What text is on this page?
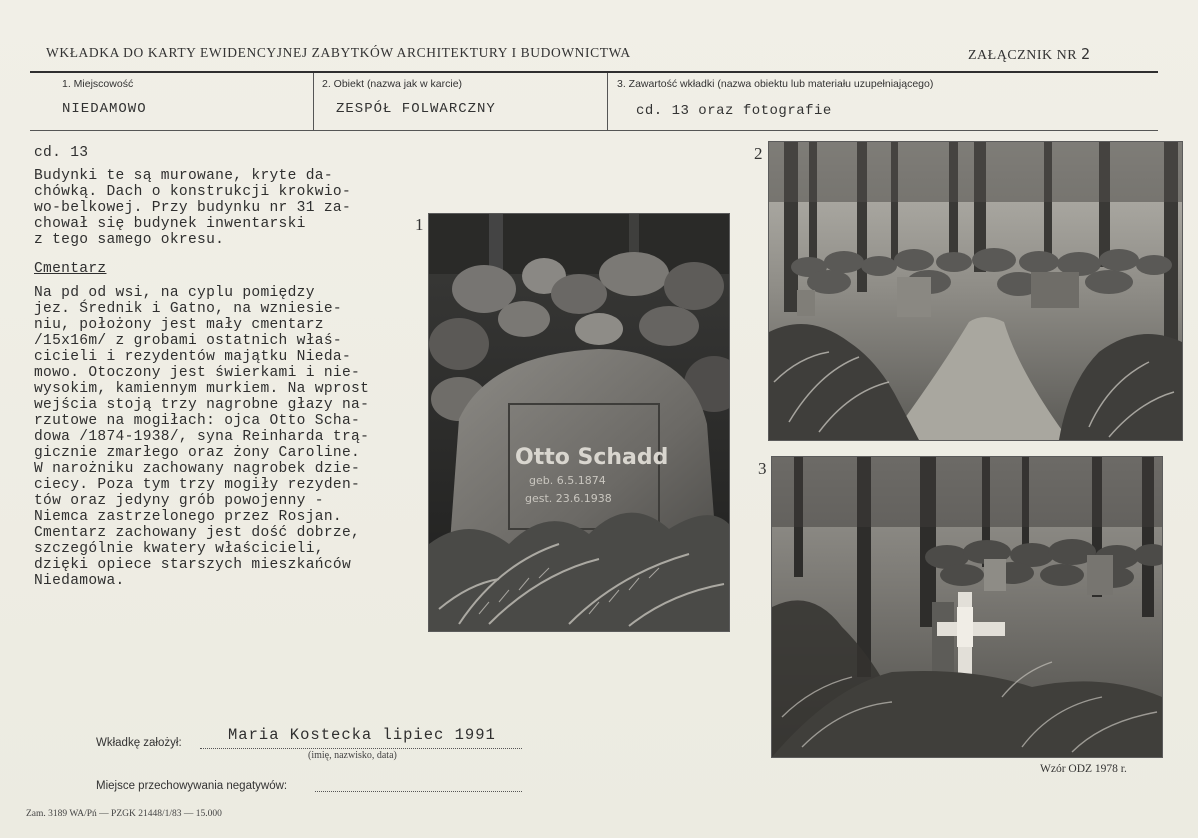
WKŁADKA DO KARTY EWIDENCYJNEJ ZABYTKÓW ARCHITEKTURY I BUDOWNICTWA	ZAŁĄCZNIK NR 2
1. Miejscowość
NIEDAMOWO
2. Obiekt (nazwa jak w karcie)
ZESPÓŁ FOLWARCZNY
3. Zawartość wkładki (nazwa obiektu lub materiału uzupełniającego)
cd. 13 oraz fotografie
cd. 13
Budynki te są murowane, kryte da-
chówką. Dach o konstrukcji krokwio-
wo-belkowej. Przy budynku nr 31 za-
chował się budynek inwentarski
z tego samego okresu.
Cmentarz
Na pd od wsi, na cyplu pomiędzy
jez. Średnik i Gatno, na wzniesie-
niu, położony jest mały cmentarz
/15x16m/ z grobami ostatnich właś-
cicieli i rezydentów majątku Nieda-
mowo. Otoczony jest świerkami i nie-
wysokim, kamiennym murkiem. Na wprost
wejścia stoją trzy nagrobne głazy na-
rzutowe na mogiłach: ojca Otto Scha-
dowa /1874-1938/, syna Reinharda trą-
gicznie zmarłego oraz żony Caroline.
W narożniku zachowany nagrobek dzie-
ciecy. Poza tym trzy mogiły rezyden-
tów oraz jedyny grób powojenny -
Niemca zastrzelonego przez Rosjan.
Cmentarz zachowany jest dość dobrze,
szczególnie kwatery właścicieli,
dzięki opiece starszych mieszkańców
Niedamowa.
1
Otto Schadd
geb. 6.5.1874
gest. 23.6.1938
2
3
Wkładkę założył:	Maria Kostecka lipiec 1991
(imię, nazwisko, data)
Miejsce przechowywania negatywów:
Zam. 3189 WA/Pń — PZGK 21448/1/83 — 15.000
Wzór ODZ 1978 r.
